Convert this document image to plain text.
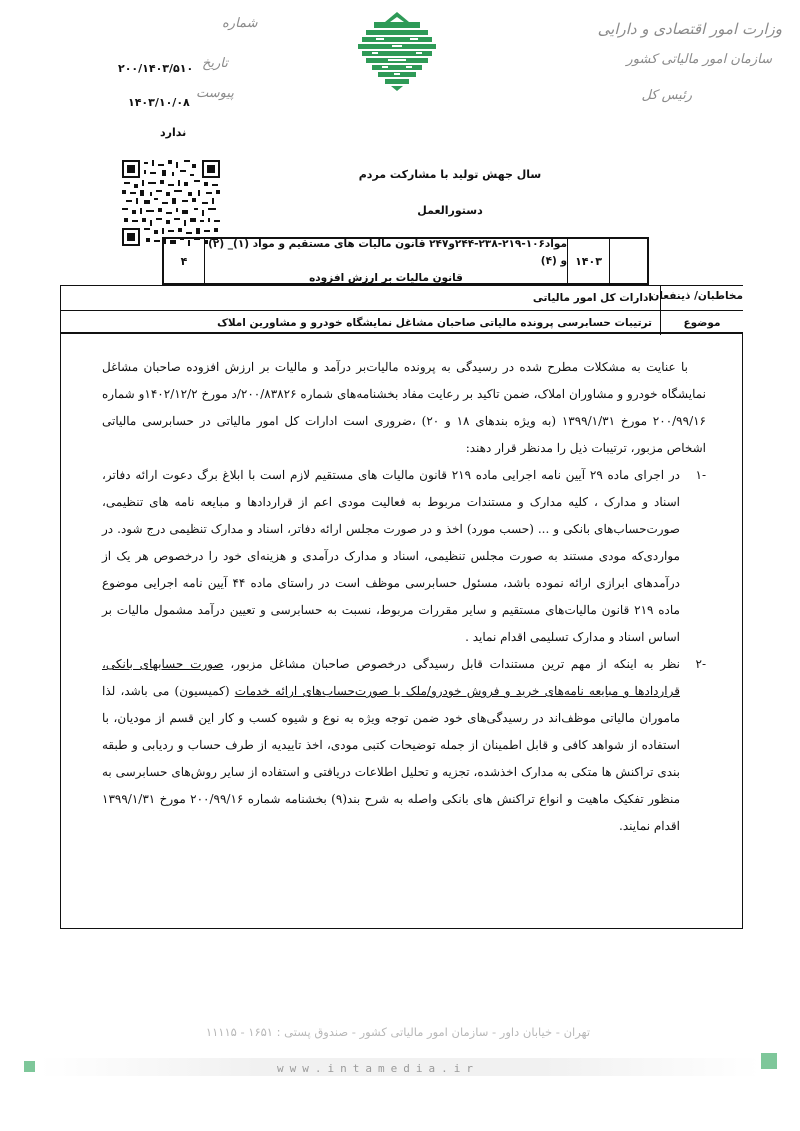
وزارت امور اقتصادی و دارایی
سازمان امور مالیاتی کشور
رئیس کل
شماره
۲۰۰/۱۴۰۳/۵۱۰ تاریخ
۱۴۰۳/۱۰/۰۸
پیوست
ندارد
سال جهش تولید با مشارکت مردم
دستورالعمل
۴
مواد۱۰۶-۲۱۹-۲۳۸-۲۴۴و۲۴۷ قانون مالیات های مستقیم و مواد (۱)_ (۲) و (۴)
قانون مالیات بر ارزش افزوده
۱۴۰۳
مخاطبان/ ذینفعان
ادارات کل امور مالیاتی
موضوع
ترتیبات حسابرسی پرونده مالیاتی صاحبان مشاغل نمایشگاه خودرو و مشاورین املاک

با عنایت به مشکلات مطرح شده در رسیدگی به پرونده مالیات‌بر درآمد و مالیات بر ارزش افزوده صاحبان مشاغل نمایشگاه خودرو و مشاوران املاک، ضمن تاکید بر رعایت مفاد بخشنامه‌های شماره ۲۰۰/۸۳۸۲۶/د مورخ ۱۴۰۲/۱۲/۲و شماره ۲۰۰/۹۹/۱۶ مورخ ۱۳۹۹/۱/۳۱ (به ویژه بندهای ۱۸ و ۲۰) ،ضروری است ادارات کل امور مالیاتی در حسابرسی مالیاتی اشخاص مزبور، ترتیبات ذیل را مدنظر قرار دهند:

-۱
در اجرای ماده ۲۹ آیین نامه اجرایی ماده ۲۱۹ قانون مالیات های مستقیم لازم است با ابلاغ برگ دعوت ارائه دفاتر، اسناد و مدارک ، کلیه مدارک و مستندات مربوط به فعالیت مودی اعم از قراردادها و مبایعه نامه های تنظیمی، صورت‌حساب‌های بانکی و ... (حسب مورد) اخذ و در صورت مجلس ارائه دفاتر، اسناد و مدارک تنظیمی درج شود. در مواردی‌که مودی مستند به صورت مجلس تنظیمی، اسناد و مدارک درآمدی و هزینه‌ای خود را درخصوص هر یک از درآمدهای ابرازی ارائه نموده باشد، مسئول حسابرسی موظف است در راستای ماده ۴۴ آیین نامه اجرایی موضوع ماده ۲۱۹ قانون مالیات‌های مستقیم و سایر مقررات مربوط، نسبت به حسابرسی و تعیین درآمد مشمول مالیات بر اساس اسناد و مدارک تسلیمی اقدام نماید .

-۲
نظر به اینکه از مهم ترین مستندات قابل رسیدگی درخصوص صاحبان مشاغل مزبور، صورت حسابهای بانکی، قراردادها و مبایعه نامه‌های خرید و فروش خودرو/ملک یا صورت‌حساب‌های ارائه خدمات (کمیسیون) می باشد، لذا ماموران مالیاتی موظف‌اند در رسیدگی‌های خود ضمن توجه ویژه به نوع و شیوه کسب و کار این قسم از مودیان، با استفاده از شواهد کافی و قابل اطمینان از جمله توضیحات کتبی مودی، اخذ تاییدیه از طرف حساب و ردیابی و طبقه بندی تراکنش ها متکی به مدارک اخذشده، تجزیه و تحلیل اطلاعات دریافتی و استفاده از سایر روش‌های حسابرسی به منظور تفکیک ماهیت و انواع تراکنش های بانکی واصله به شرح بند(۹) بخشنامه شماره ۲۰۰/۹۹/۱۶ مورخ ۱۳۹۹/۱/۳۱ اقدام نمایند.

تهران - خیابان داور - سازمان امور مالیاتی کشور - صندوق پستی : ۱۶۵۱ - ۱۱۱۱۵
www.intamedia.ir
